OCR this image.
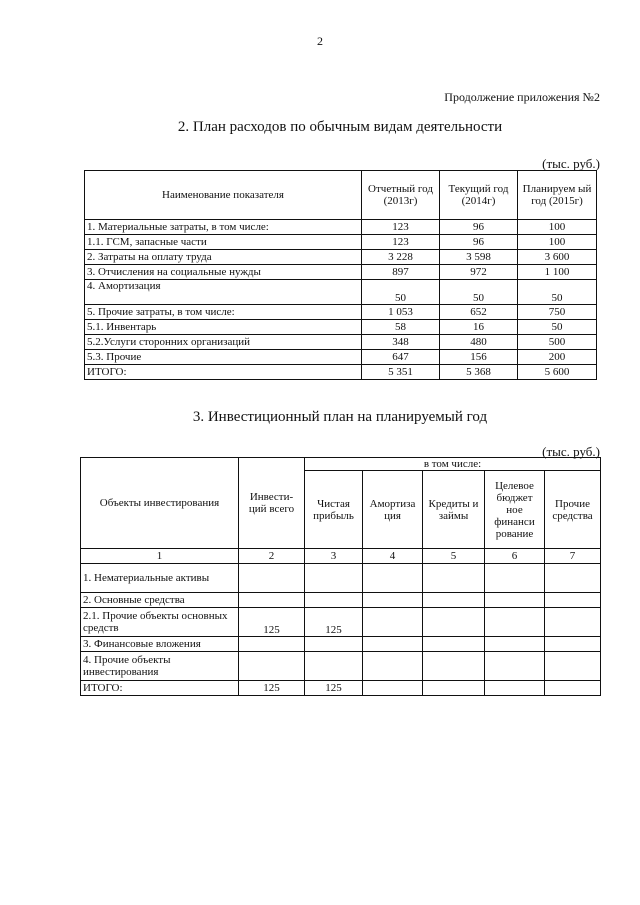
2
Продолжение приложения №2
2. План расходов по обычным видам деятельности
(тыс. руб.)
Наименование показателя	Отчетный год (2013г)	Текущий год (2014г)	Планируем ый год (2015г)
1. Материальные затраты, в том числе:	123	96	100
1.1. ГСМ, запасные части	123	96	100
2. Затраты на оплату труда	3 228	3 598	3 600
3. Отчисления на социальные нужды	897	972	1 100
4. Амортизация	50	50	50
5. Прочие затраты, в том числе:	1 053	652	750
5.1. Инвентарь	58	16	50
5.2.Услуги сторонних организаций	348	480	500
5.3. Прочие	647	156	200
ИТОГО:	5 351	5 368	5 600
3. Инвестиционный план на планируемый год
(тыс. руб.)
Объекты инвестирования	Инвести- ций всего	в том числе:				
		Чистая прибыль	Амортиза ция	Кредиты и займы	Целевое бюджет ное финанси рование	Прочие средства
1	2	3	4	5	6	7
1. Нематериальные активы						
2. Основные средства						
2.1. Прочие объекты основных средств	125	125				
3. Финансовые вложения						
4. Прочие объекты инвестирования						
ИТОГО:	125	125				
